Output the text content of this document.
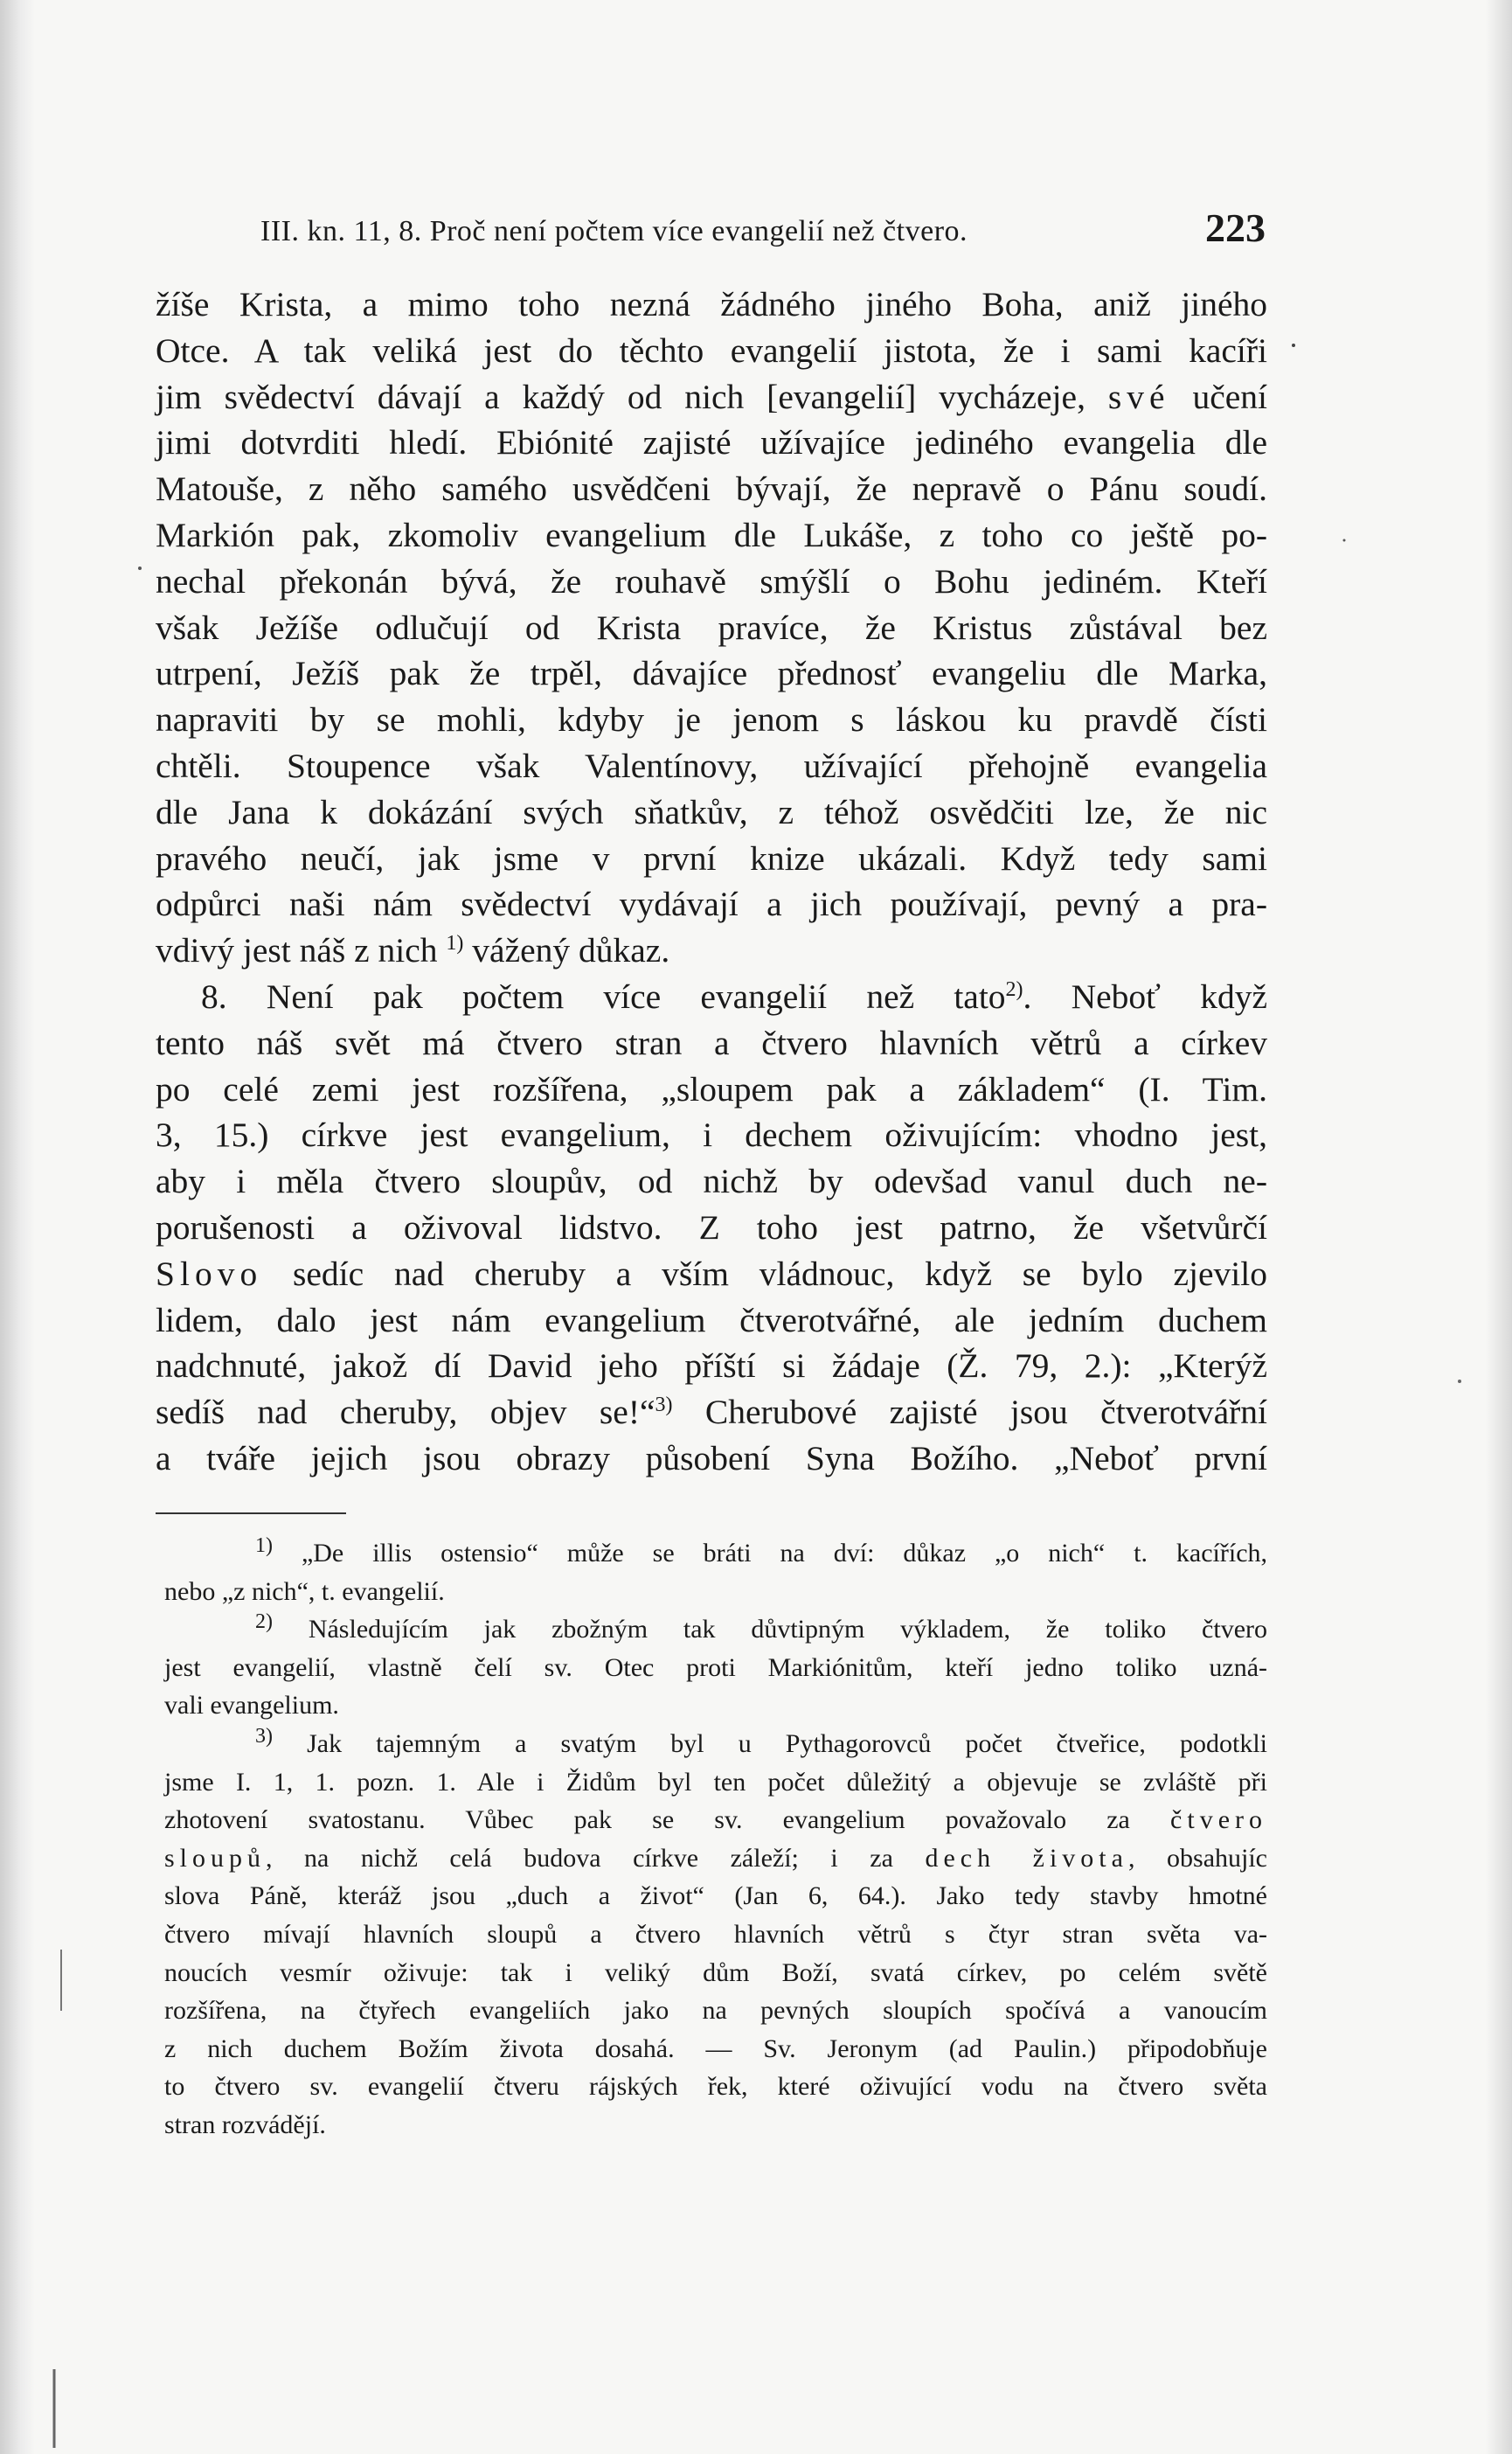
III. kn. 11, 8. Proč není počtem více evangelií než čtvero.	223

žíše Krista, a mimo toho nezná žádného jiného Boha, aniž jiného

Otce. A tak veliká jest do těchto evangelií jistota, že i sami kacíři

jim svědectví dávají a každý od nich [evangelií] vycházeje, své učení

jimi dotvrditi hledí. Ebiónité zajisté užívajíce jediného evangelia dle

Matouše, z něho samého usvědčeni bývají, že nepravě o Pánu soudí.

Markión pak, zkomoliv evangelium dle Lukáše, z toho co ještě po-

nechal překonán bývá, že rouhavě smýšlí o Bohu jediném. Kteří

však Ježíše odlučují od Krista pravíce, že Kristus zůstával bez

utrpení, Ježíš pak že trpěl, dávajíce přednosť evangeliu dle Marka,

napraviti by se mohli, kdyby je jenom s láskou ku pravdě čísti

chtěli. Stoupence však Valentínovy, užívající přehojně evangelia

dle Jana k dokázání svých sňatkův, z téhož osvědčiti lze, že nic

pravého neučí, jak jsme v první knize ukázali. Když tedy sami

odpůrci naši nám svědectví vydávají a jich používají, pevný a pra-

vdivý jest náš z nich $^{1)}$ vážený důkaz.

8. Není pak počtem více evangelií než tato$^{2)}$. Neboť když

tento náš svět má čtvero stran a čtvero hlavních větrů a církev

po celé zemi jest rozšířena, „sloupem pak a základem“ (I. Tim.

3, 15.) církve jest evangelium, i dechem oživujícím: vhodno jest,

aby i měla čtvero sloupův, od nichž by odevšad vanul duch ne-

porušenosti a oživoval lidstvo. Z toho jest patrno, že všetvůrčí

Slovo sedíc nad cheruby a vším vládnouc, když se bylo zjevilo

lidem, dalo jest nám evangelium čtverotvářné, ale jedním duchem

nadchnuté, jakož dí David jeho příští si žádaje (Ž. 79, 2.): „Kterýž

sedíš nad cheruby, objev se!“$^{3)}$ Cherubové zajisté jsou čtverotvářní

a tváře jejich jsou obrazy působení Syna Božího. „Neboť první

$^{1)}$ „De illis ostensio“ může se bráti na dví: důkaz „o nich“ t. kacířích,

nebo „z nich“, t. evangelií.

$^{2)}$ Následujícím jak zbožným tak důvtipným výkladem, že toliko čtvero

jest evangelií, vlastně čelí sv. Otec proti Markiónitům, kteří jedno toliko uzná-

vali evangelium.

$^{3)}$ Jak tajemným a svatým byl u Pythagorovců počet čtveřice, podotkli

jsme I. 1, 1. pozn. 1. Ale i Židům byl ten počet důležitý a objevuje se zvláště při

zhotovení svatostanu. Vůbec pak se sv. evangelium považovalo za čtvero

sloupů, na nichž celá budova církve záleží; i za dech života, obsahujíc

slova Páně, kteráž jsou „duch a život“ (Jan 6, 64.). Jako tedy stavby hmotné

čtvero mívají hlavních sloupů a čtvero hlavních větrů s čtyr stran světa va-

noucích vesmír oživuje: tak i veliký dům Boží, svatá církev, po celém světě

rozšířena, na čtyřech evangeliích jako na pevných sloupích spočívá a vanoucím

z nich duchem Božím života dosahá. — Sv. Jeronym (ad Paulin.) připodobňuje

to čtvero sv. evangelií čtveru rájských řek, které oživující vodu na čtvero světa

stran rozvádějí.
